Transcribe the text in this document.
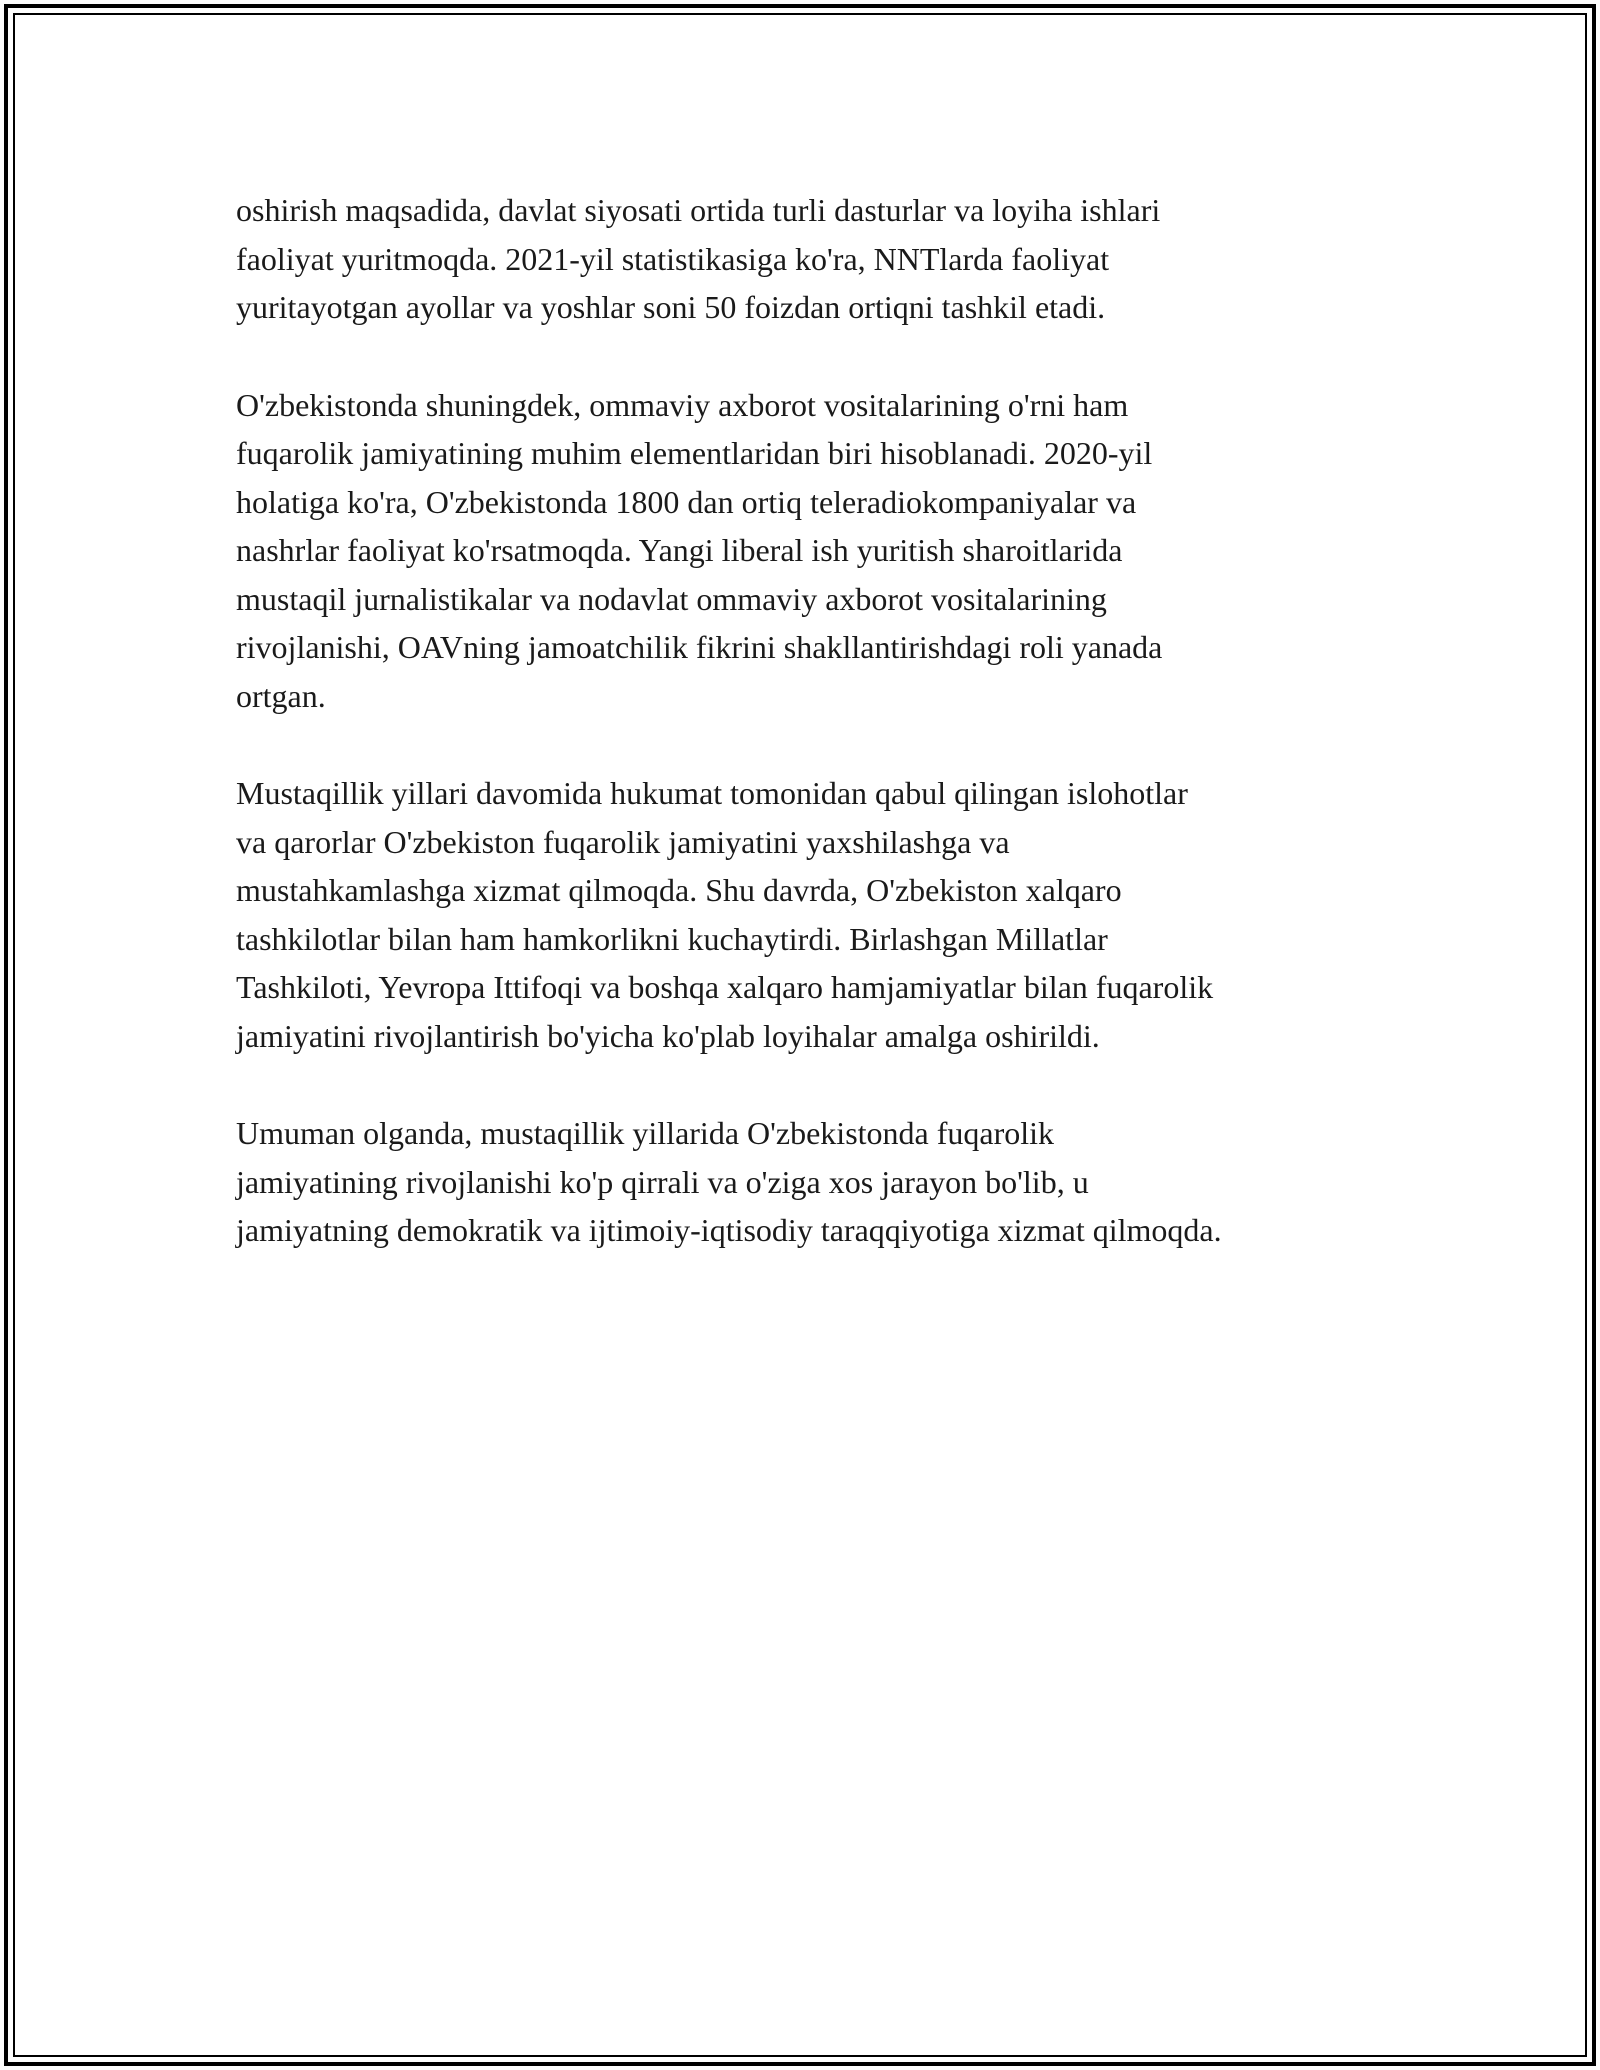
oshirish maqsadida, davlat siyosati ortida turli dasturlar va loyiha ishlari
faoliyat yuritmoqda. 2021-yil statistikasiga ko'ra, NNTlarda faoliyat
yuritayotgan ayollar va yoshlar soni 50 foizdan ortiqni tashkil etadi.

O'zbekistonda shuningdek, ommaviy axborot vositalarining o'rni ham
fuqarolik jamiyatining muhim elementlaridan biri hisoblanadi. 2020-yil
holatiga ko'ra, O'zbekistonda 1800 dan ortiq teleradiokompaniyalar va
nashrlar faoliyat ko'rsatmoqda. Yangi liberal ish yuritish sharoitlarida
mustaqil jurnalistikalar va nodavlat ommaviy axborot vositalarining
rivojlanishi, OAVning jamoatchilik fikrini shakllantirishdagi roli yanada
ortgan.

Mustaqillik yillari davomida hukumat tomonidan qabul qilingan islohotlar
va qarorlar O'zbekiston fuqarolik jamiyatini yaxshilashga va
mustahkamlashga xizmat qilmoqda. Shu davrda, O'zbekiston xalqaro
tashkilotlar bilan ham hamkorlikni kuchaytirdi. Birlashgan Millatlar
Tashkiloti, Yevropa Ittifoqi va boshqa xalqaro hamjamiyatlar bilan fuqarolik
jamiyatini rivojlantirish bo'yicha ko'plab loyihalar amalga oshirildi.

Umuman olganda, mustaqillik yillarida O'zbekistonda fuqarolik
jamiyatining rivojlanishi ko'p qirrali va o'ziga xos jarayon bo'lib, u
jamiyatning demokratik va ijtimoiy-iqtisodiy taraqqiyotiga xizmat qilmoqda.
